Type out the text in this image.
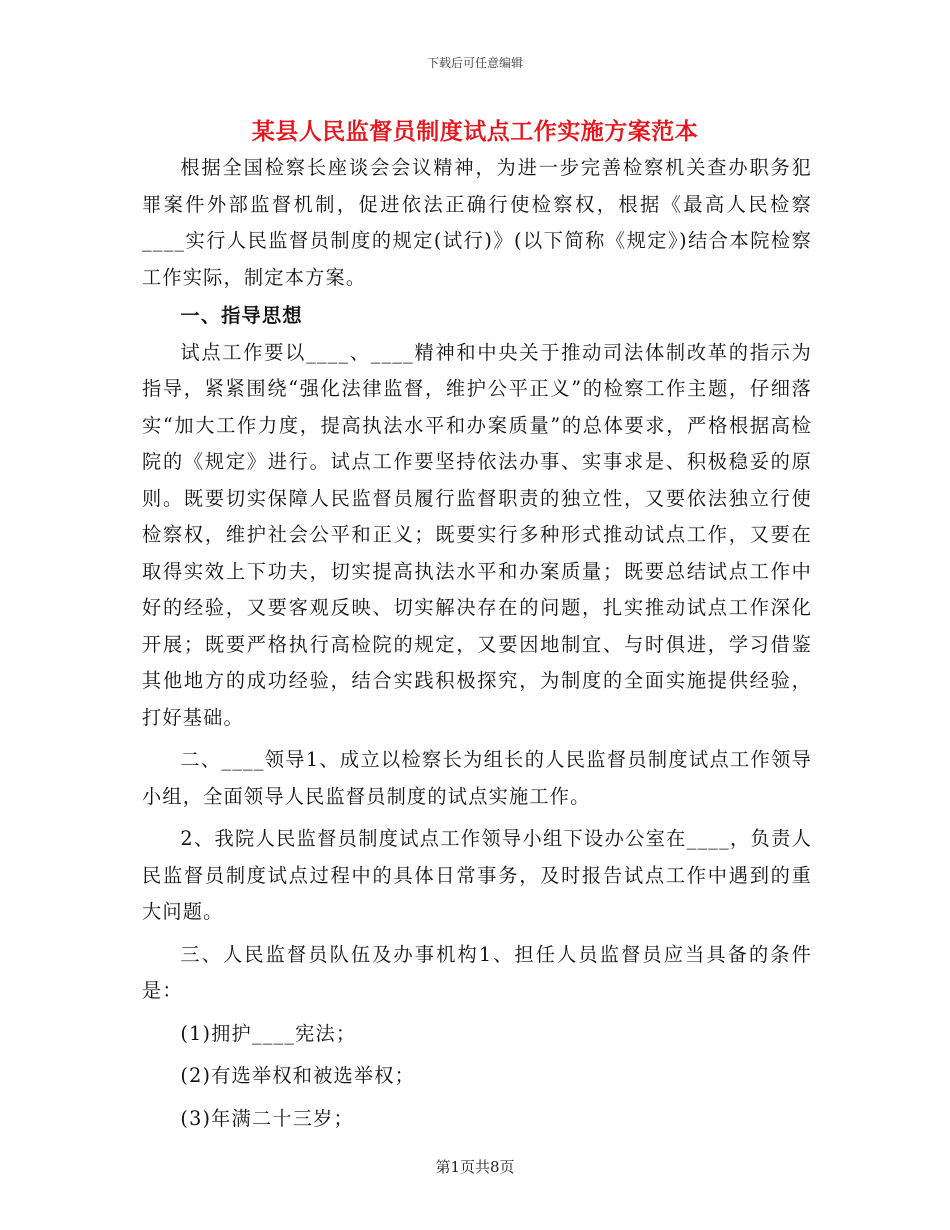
下载后可任意编辑
某县人民监督员制度试点工作实施方案范本

根据全国检察长座谈会会议精神，为进一步完善检察机关查办职务犯罪案件外部监督机制，促进依法正确行使检察权，根据《最高人民检察____实行人民监督员制度的规定(试行)》(以下简称《规定》)结合本院检察工作实际，制定本方案。

一、指导思想

试点工作要以____、____精神和中央关于推动司法体制改革的指示为指导，紧紧围绕“强化法律监督，维护公平正义”的检察工作主题，仔细落实“加大工作力度，提高执法水平和办案质量”的总体要求，严格根据高检院的《规定》进行。试点工作要坚持依法办事、实事求是、积极稳妥的原则。既要切实保障人民监督员履行监督职责的独立性，又要依法独立行使检察权，维护社会公平和正义；既要实行多种形式推动试点工作，又要在取得实效上下功夫，切实提高执法水平和办案质量；既要总结试点工作中好的经验，又要客观反映、切实解决存在的问题，扎实推动试点工作深化开展；既要严格执行高检院的规定，又要因地制宜、与时俱进，学习借鉴其他地方的成功经验，结合实践积极探究，为制度的全面实施提供经验，打好基础。

二、____领导1、成立以检察长为组长的人民监督员制度试点工作领导小组，全面领导人民监督员制度的试点实施工作。

2、我院人民监督员制度试点工作领导小组下设办公室在____，负责人民监督员制度试点过程中的具体日常事务，及时报告试点工作中遇到的重大问题。

三、人民监督员队伍及办事机构1、担任人员监督员应当具备的条件是：

(1)拥护____宪法；

(2)有选举权和被选举权；

(3)年满二十三岁；

第1页共8页
